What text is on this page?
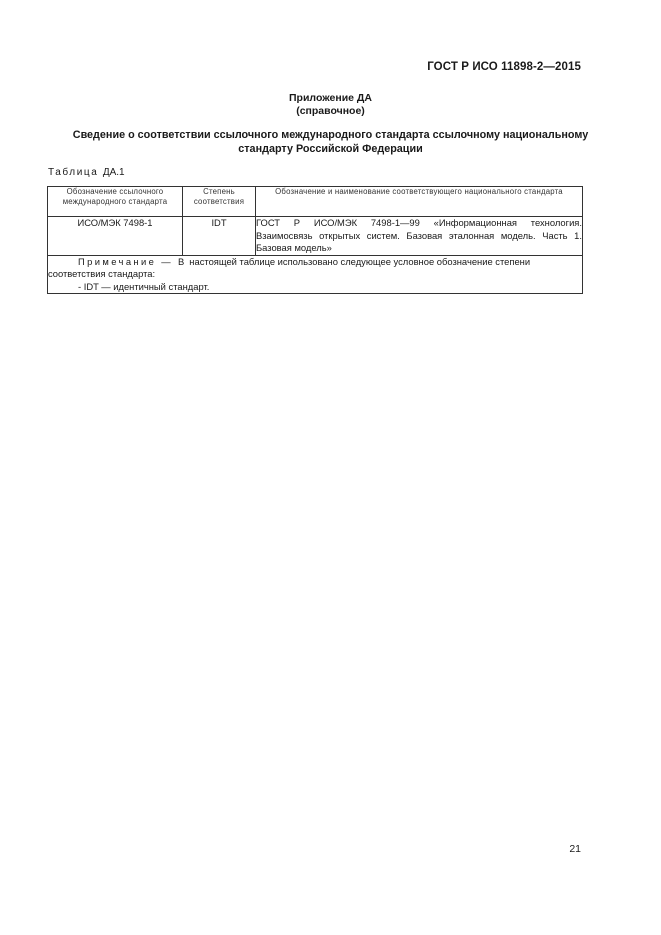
ГОСТ Р ИСО 11898-2—2015
Приложение ДА
(справочное)
Сведение о соответствии ссылочного международного стандарта ссылочному национальному стандарту Российской Федерации
Таблица ДА.1
Обозначение ссылочного международного стандарта	Степень соответствия	Обозначение и наименование соответствующего национального стандарта
ИСО/МЭК 7498-1	IDT	ГОСТ Р ИСО/МЭК 7498-1—99 «Информационная технология. Взаимосвязь открытых систем. Базовая эталонная модель. Часть 1. Базовая модель»
Примечание — В настоящей таблице использовано следующее условное обозначение степени соответствия стандарта:
- IDT — идентичный стандарт.		
21
